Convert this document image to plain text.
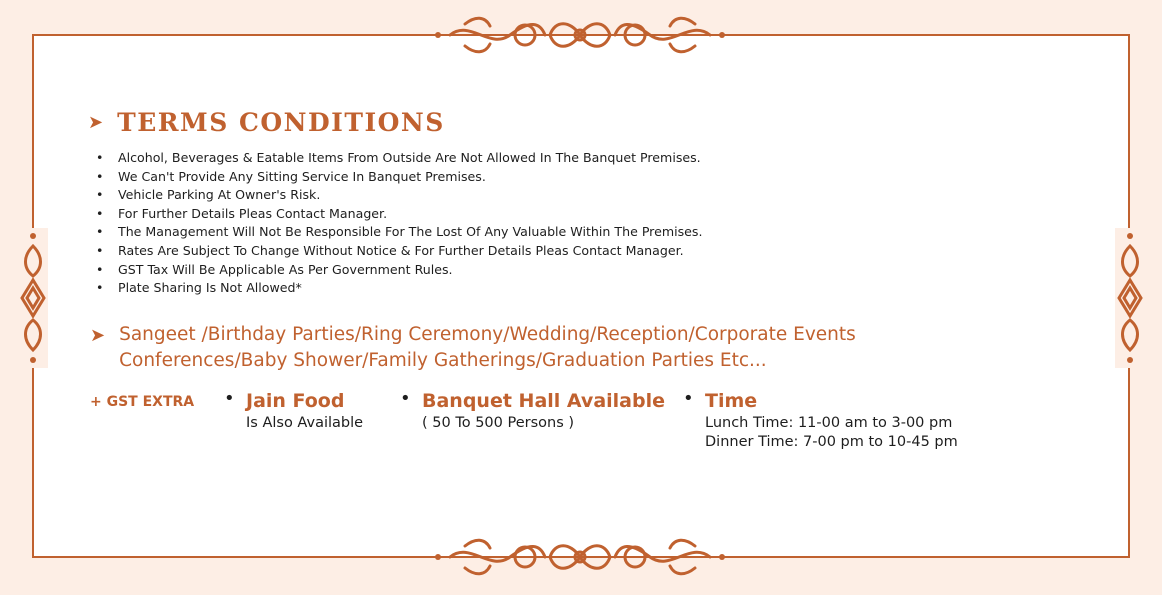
➤ TERMS CONDITIONS
• Alcohol, Beverages & Eatable Items From Outside Are Not Allowed In The Banquet Premises.
• We Can't Provide Any Sitting Service In Banquet Premises.
• Vehicle Parking At Owner's Risk.
• For Further Details Pleas Contact Manager.
• The Management Will Not Be Responsible For The Lost Of Any Valuable Within The Premises.
• Rates Are Subject To Change Without Notice & For Further Details Pleas Contact Manager.
• GST Tax Will Be Applicable As Per Government Rules.
• Plate Sharing Is Not Allowed*
➤ Sangeet /Birthday Parties/Ring Ceremony/Wedding/Reception/Corporate Events
Conferences/Baby Shower/Family Gatherings/Graduation Parties Etc...
+ GST EXTRA • Jain Food
Is Also Available
• Banquet Hall Available
( 50 To 500 Persons )
• Time
Lunch Time: 11-00 am to 3-00 pm
Dinner Time: 7-00 pm to 10-45 pm
